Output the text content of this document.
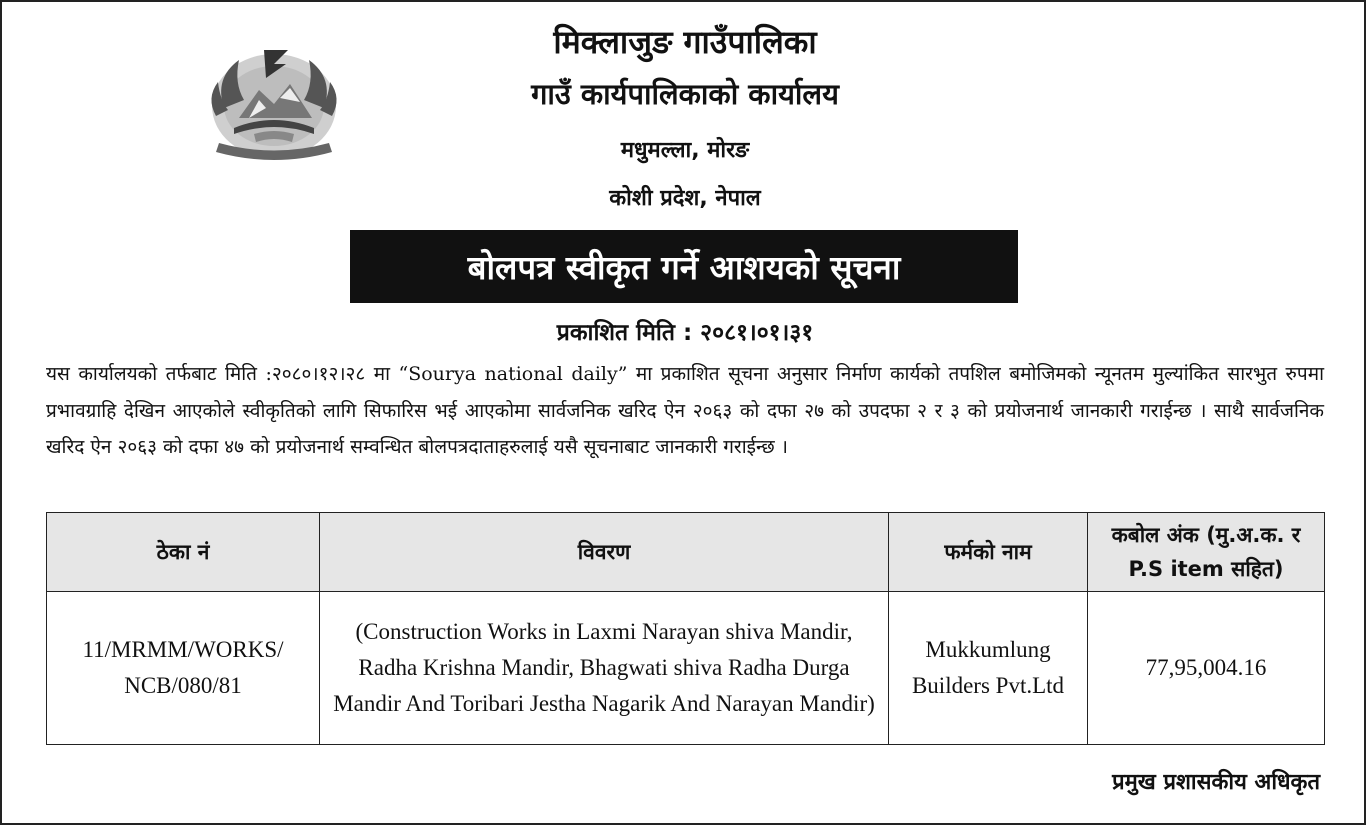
मिक्लाजुङ गाउँपालिका
गाउँ कार्यपालिकाको कार्यालय
मधुमल्ला, मोरङ
कोशी प्रदेश, नेपाल
बोलपत्र स्वीकृत गर्ने आशयको सूचना
प्रकाशित मिति : २०८१।०१।३१

यस कार्यालयको तर्फबाट मिति :२०८०।१२।२८ मा “Sourya national daily” मा प्रकाशित सूचना अनुसार निर्माण कार्यको तपशिल बमोजिमको न्यूनतम मुल्यांकित सारभुत रुपमा प्रभावग्राहि देखिन आएकोले स्वीकृतिको लागि सिफारिस भई आएकोमा सार्वजनिक खरिद ऐन २०६३ को दफा २७ को उपदफा २ र ३ को प्रयोजनार्थ जानकारी गराईन्छ । साथै सार्वजनिक खरिद ऐन २०६३ को दफा ४७ को प्रयोजनार्थ सम्वन्धित बोलपत्रदाताहरुलाई यसै सूचनाबाट जानकारी गराईन्छ ।

ठेका नं	विवरण	फर्मको नाम	कबोल अंक (मु.अ.क. र P.S item सहित)
11/MRMM/WORKS/ NCB/080/81	(Construction Works in Laxmi Narayan shiva Mandir, Radha Krishna Mandir, Bhagwati shiva Radha Durga Mandir And Toribari Jestha Nagarik And Narayan Mandir)	Mukkumlung Builders Pvt.Ltd	77,95,004.16
प्रमुख प्रशासकीय अधिकृत
